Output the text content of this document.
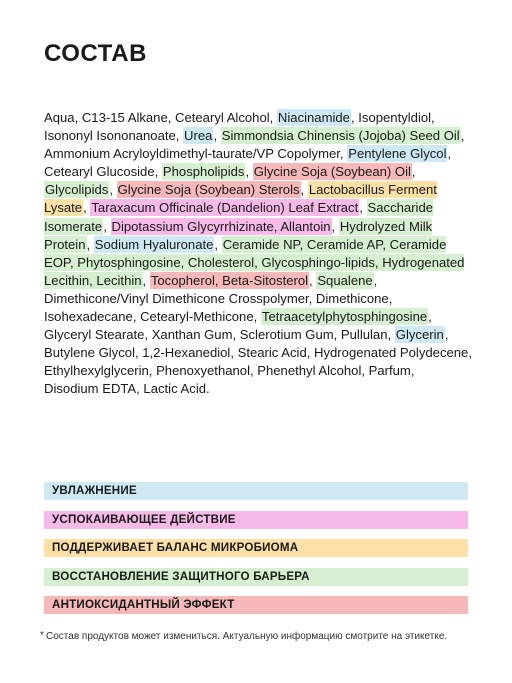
СОСТАВ

Aqua, C13-15 Alkane, Cetearyl Alcohol, Niacinamide, Isopentyldiol, Isononyl Isononanoate, Urea, Simmondsia Chinensis (Jojoba) Seed Oil, Ammonium Acryloyldimethyl-taurate/VP Copolymer, Pentylene Glycol, Cetearyl Glucoside, Phospholipids, Glycine Soja (Soybean) Oil, Glycolipids, Glycine Soja (Soybean) Sterols, Lactobacillus Ferment Lysate, Taraxacum Officinale (Dandelion) Leaf Extract, Saccharide Isomerate, Dipotassium Glycyrrhizinate, Allantoin, Hydrolyzed Milk Protein, Sodium Hyaluronate, Ceramide NP, Ceramide AP, Ceramide EOP, Phytosphingosine, Cholesterol, Glycosphingo-lipids, Hydrogenated Lecithin, Lecithin, Tocopherol, Beta-Sitosterol, Squalene, Dimethicone/Vinyl Dimethicone Crosspolymer, Dimethicone, Isohexadecane, Cetearyl-Methicone, Tetraacetylphytosphingosine, Glyceryl Stearate, Xanthan Gum, Sclerotium Gum, Pullulan, Glycerin, Butylene Glycol, 1,2-Hexanediol, Stearic Acid, Hydrogenated Polydecene, Ethylhexylglycerin, Phenoxyethanol, Phenethyl Alcohol, Parfum, Disodium EDTA, Lactic Acid.

УВЛАЖНЕНИЕ
УСПОКАИВАЮЩЕЕ ДЕЙСТВИЕ
ПОДДЕРЖИВАЕТ БАЛАНС МИКРОБИОМА
ВОССТАНОВЛЕНИЕ ЗАЩИТНОГО БАРЬЕРА
АНТИОКСИДАНТНЫЙ ЭФФЕКТ
* Состав продуктов может измениться. Актуальную информацию смотрите на этикетке.
